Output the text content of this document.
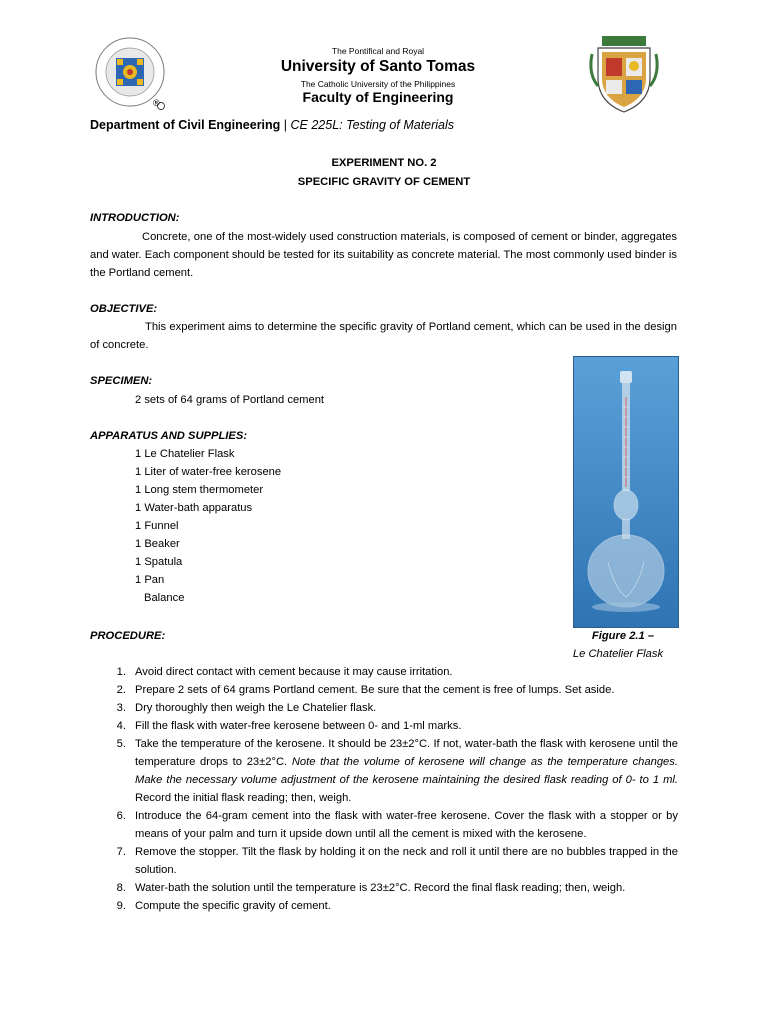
®
The Pontifical and Royal
University of Santo Tomas
The Catholic University of the Philippines
Faculty of Engineering
Department of Civil Engineering | CE 225L: Testing of Materials
EXPERIMENT NO. 2
SPECIFIC GRAVITY OF CEMENT
INTRODUCTION:
Concrete, one of the most-widely used construction materials, is composed of cement or binder, aggregates and water. Each component should be tested for its suitability as concrete material. The most commonly used binder is the Portland cement.
OBJECTIVE:
This experiment aims to determine the specific gravity of Portland cement, which can be used in the design of concrete.
SPECIMEN:
2 sets of 64 grams of Portland cement
APPARATUS AND SUPPLIES:
1 Le Chatelier Flask
1 Liter of water-free kerosene
1 Long stem thermometer
1 Water-bath apparatus
1 Funnel
1 Beaker
1 Spatula
1 Pan
Balance
Figure 2.1 –
Le Chatelier Flask
PROCEDURE:
1. Avoid direct contact with cement because it may cause irritation.
2. Prepare 2 sets of 64 grams Portland cement. Be sure that the cement is free of lumps. Set aside.
3. Dry thoroughly then weigh the Le Chatelier flask.
4. Fill the flask with water-free kerosene between 0- and 1-ml marks.
5. Take the temperature of the kerosene. It should be 23±2°C. If not, water-bath the flask with kerosene until the temperature drops to 23±2°C. Note that the volume of kerosene will change as the temperature changes. Make the necessary volume adjustment of the kerosene maintaining the desired flask reading of 0- to 1 ml. Record the initial flask reading; then, weigh.
6. Introduce the 64-gram cement into the flask with water-free kerosene. Cover the flask with a stopper or by means of your palm and turn it upside down until all the cement is mixed with the kerosene.
7. Remove the stopper. Tilt the flask by holding it on the neck and roll it until there are no bubbles trapped in the solution.
8. Water-bath the solution until the temperature is 23±2°C. Record the final flask reading; then, weigh.
9. Compute the specific gravity of cement.
